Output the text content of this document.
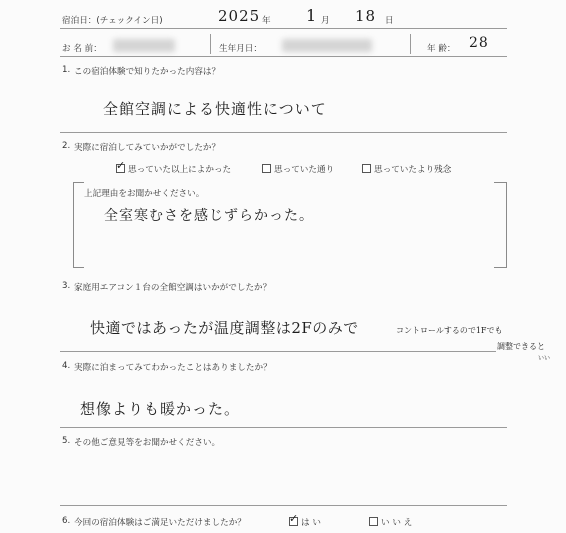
宿泊日：(チェックイン日)	2025 年 1 月 18 日
お 名 前：	生年月日：	年 齢： 28
1. この宿泊体験で知りたかった内容は？
全館空調による快適性について
2. 実際に宿泊してみていかがでしたか？
✓思っていた以上によかった	思っていた通り	思っていたより残念
上記理由をお聞かせください。
全室寒むさを感じずらかった。
3. 家庭用エアコン１台の全館空調はいかがでしたか？
快適ではあったが温度調整は2Fのみで	コントロールするので1Fでも
調整できると
いい
4. 実際に泊まってみてわかったことはありましたか？
想像よりも暖かった。
5. その他ご意見等をお聞かせください。
6. 今回の宿泊体験はご満足いただけましたか？
✓	は い	い い え
